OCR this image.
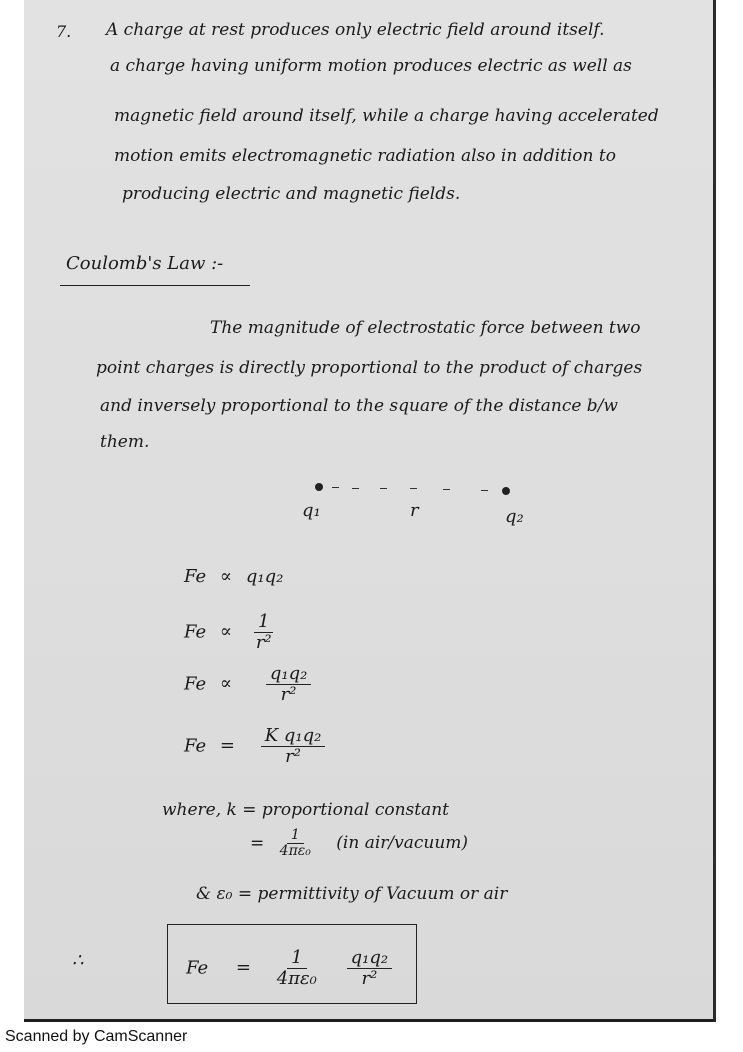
7. A charge at rest produces only electric field around itself.
a charge having uniform motion produces electric as well as
magnetic field around itself, while a charge having accelerated
motion emits electromagnetic radiation also in addition to
producing electric and magnetic fields.
Coulomb's Law :-
The magnitude of electrostatic force between two
point charges is directly proportional to the product of charges
and inversely proportional to the square of the distance b/w
them.
q₁	r	q₂
Fe ∝ q₁q₂
$Fe \propto \frac{1}{\text{r²}}$
$Fe \propto \frac{\text{q₁q₂}}{\text{r²}}$
$Fe = \frac{\text{K q₁q₂}}{\text{r²}}$
where, k = proportional constant
= $\frac{1}{\text{4πε₀}} (in$ air/vacuum)
& ε₀ = permittivity of Vacuum or air
∴	$Fe = \frac{1}{\text{4πε₀}}$
$\frac{\text{q₁q₂}}{\text{r²}}$
Scanned by CamScanner
